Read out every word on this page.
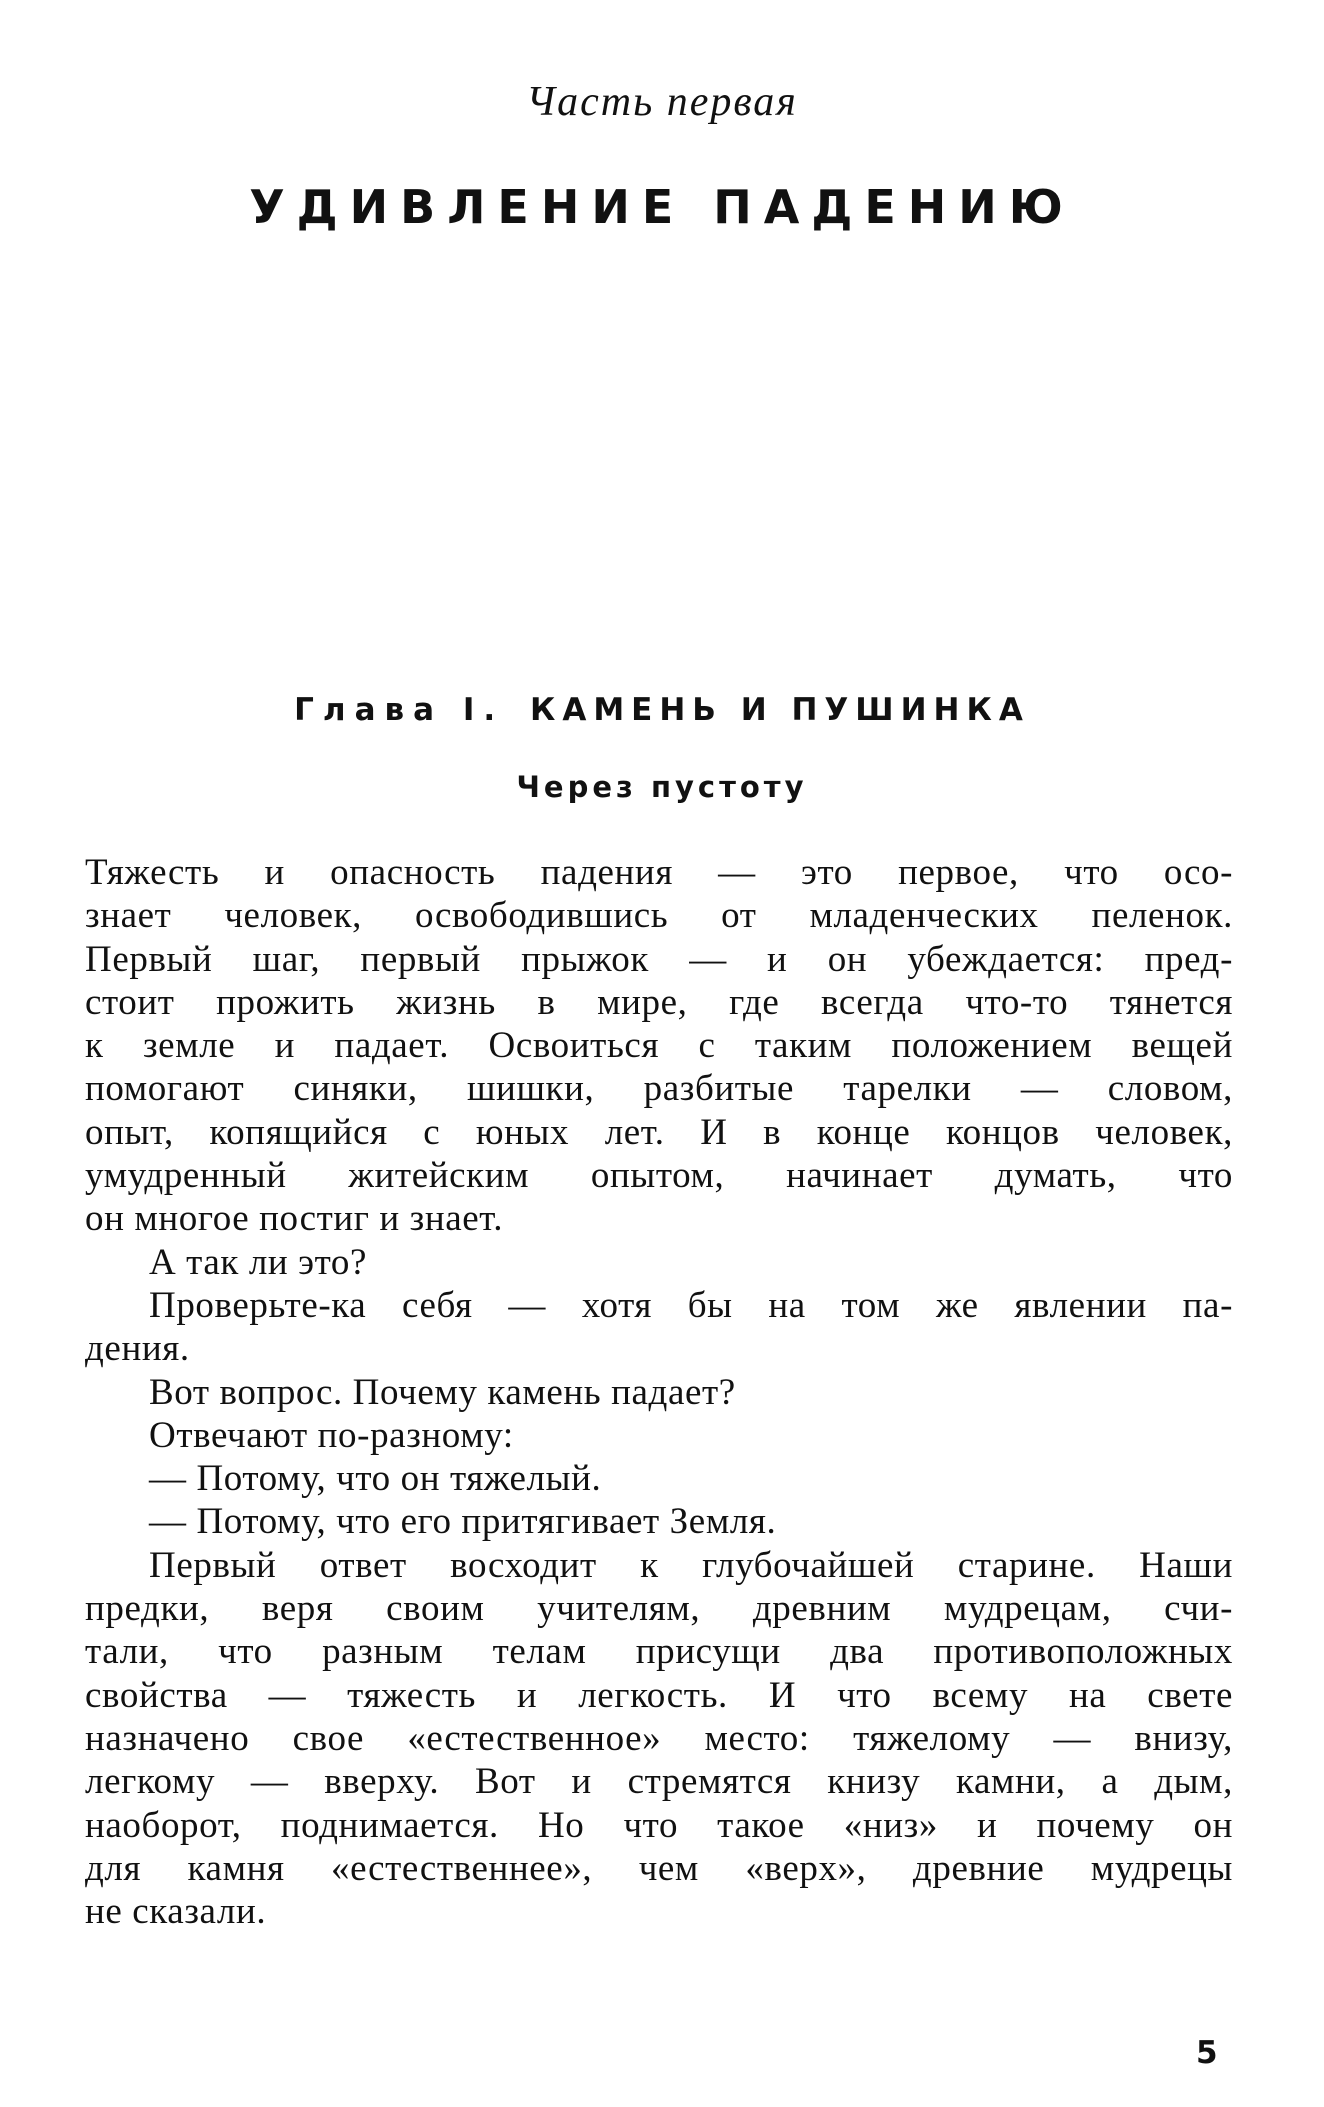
Часть первая
УДИВЛЕНИЕ ПАДЕНИЮ
Глава I. КАМЕНЬ И ПУШИНКА
Через пустоту
Тяжесть и опасность падения — это первое, что осо-
знает человек, освободившись от младенческих пеленок.
Первый шаг, первый прыжок — и он убеждается: пред-
стоит прожить жизнь в мире, где всегда что-то тянется
к земле и падает. Освоиться с таким положением вещей
помогают синяки, шишки, разбитые тарелки — словом,
опыт, копящийся с юных лет. И в конце концов человек,
умудренный житейским опытом, начинает думать, что
он многое постиг и знает.
А так ли это?
Проверьте-ка себя — хотя бы на том же явлении па-
дения.
Вот вопрос. Почему камень падает?
Отвечают по-разному:
— Потому, что он тяжелый.
— Потому, что его притягивает Земля.
Первый ответ восходит к глубочайшей старине. Наши
предки, веря своим учителям, древним мудрецам, счи-
тали, что разным телам присущи два противоположных
свойства — тяжесть и легкость. И что всему на свете
назначено свое «естественное» место: тяжелому — внизу,
легкому — вверху. Вот и стремятся книзу камни, а дым,
наоборот, поднимается. Но что такое «низ» и почему он
для камня «естественнее», чем «верх», древние мудрецы
не сказали.
5
